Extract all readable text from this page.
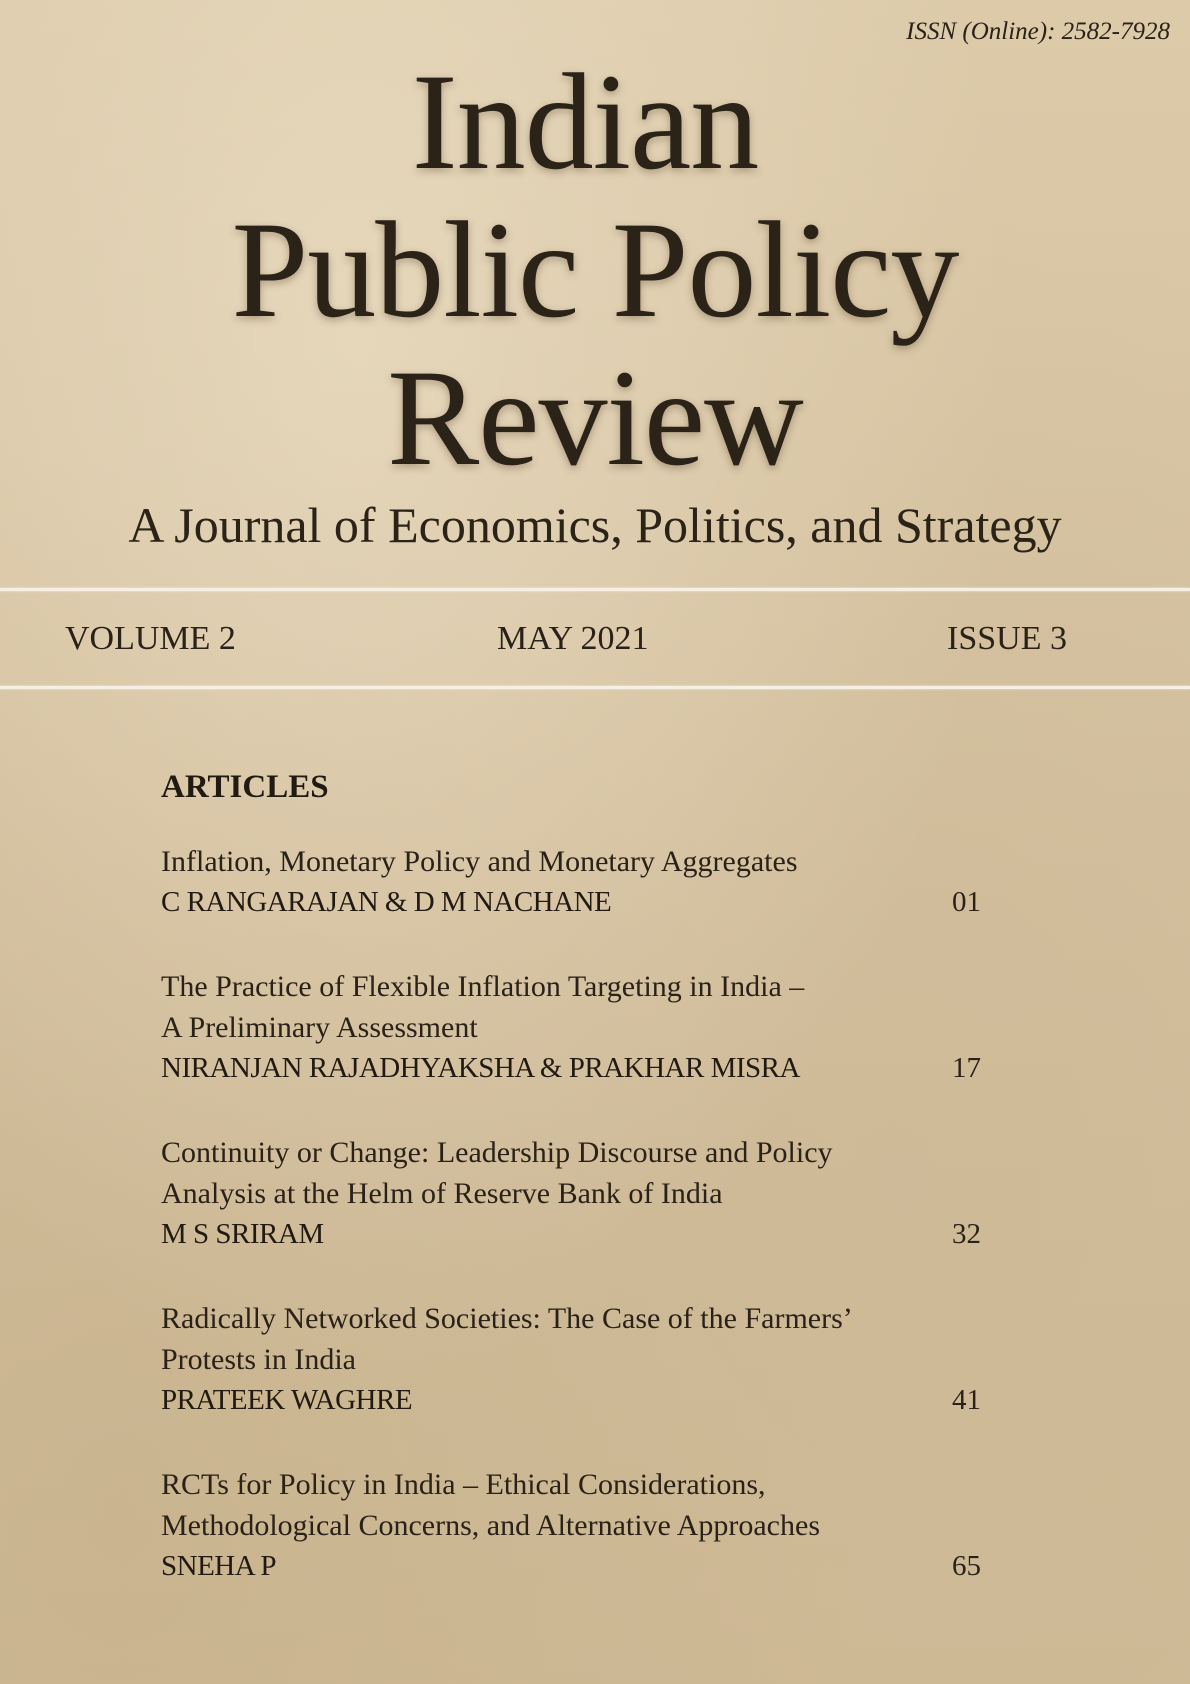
ISSN (Online): 2582-7928
Indian
Public Policy
Review
A Journal of Economics, Politics, and Strategy
VOLUME 2	MAY 2021	ISSUE 3
ARTICLES
Inflation, Monetary Policy and Monetary Aggregates
C RANGARAJAN & D M NACHANE	01
The Practice of Flexible Inflation Targeting in India –
A Preliminary Assessment
NIRANJAN RAJADHYAKSHA & PRAKHAR MISRA	17
Continuity or Change: Leadership Discourse and Policy
Analysis at the Helm of Reserve Bank of India
M S SRIRAM	32
Radically Networked Societies: The Case of the Farmers’
Protests in India
PRATEEK WAGHRE	41
RCTs for Policy in India – Ethical Considerations,
Methodological Concerns, and Alternative Approaches
SNEHA P	65
